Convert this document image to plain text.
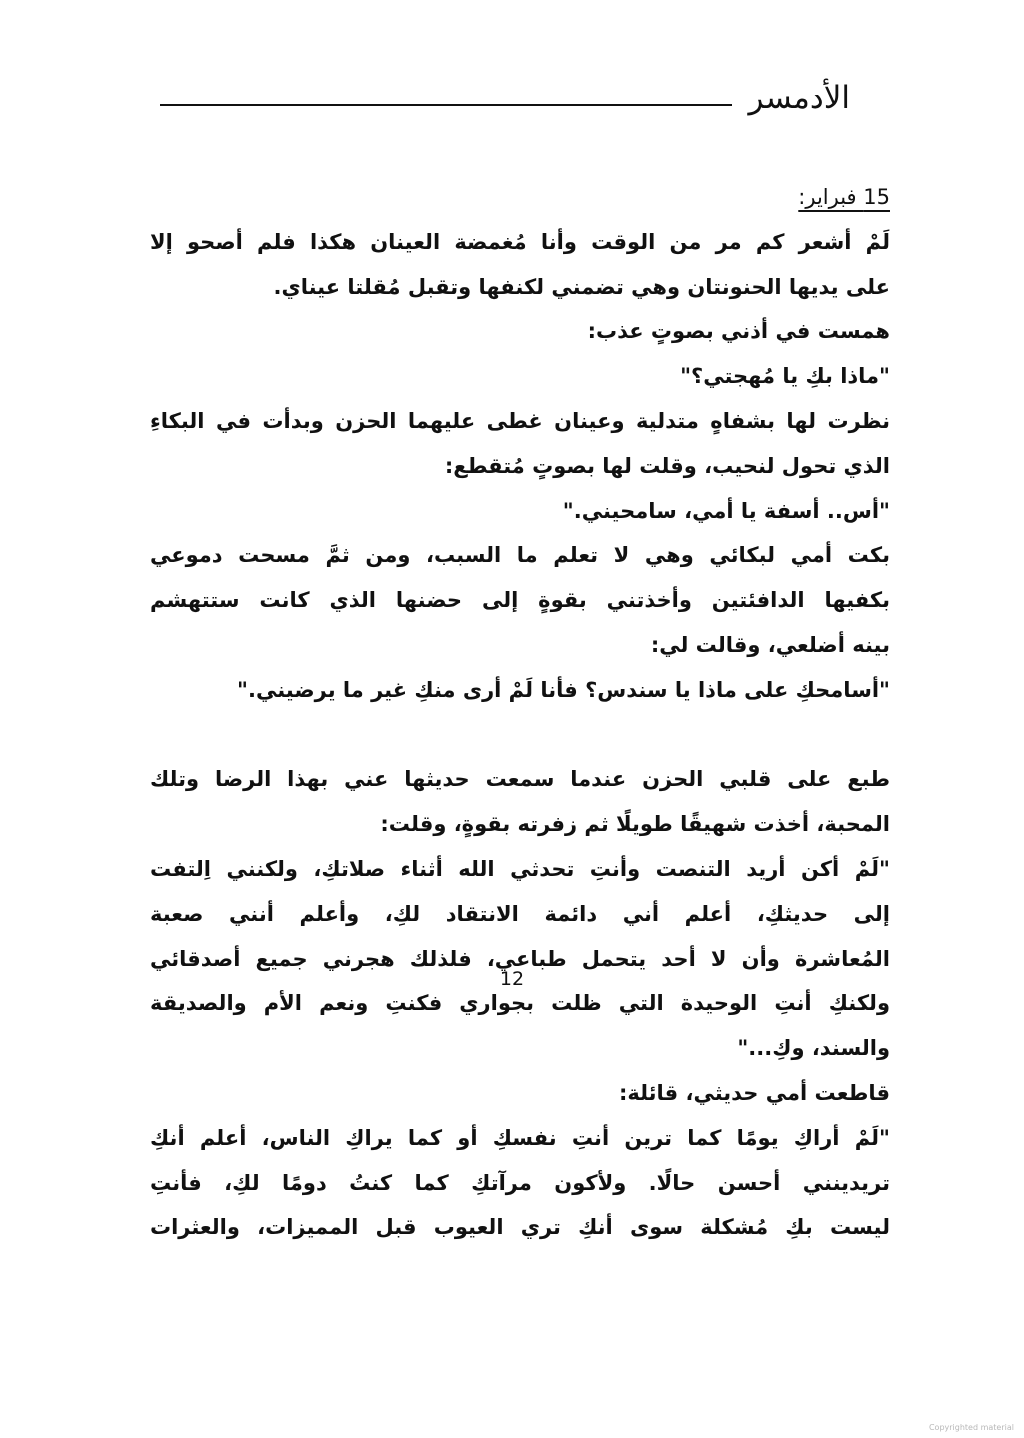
الأدمسر
15 فبراير:
لَمْ أشعر كم مر من الوقت وأنا مُغمضة العينان هكذا فلم أصحو إلا
على يديها الحنونتان وهي تضمني لكنفها وتقبل مُقلتا عيناي.
همست في أذني بصوتٍ عذب:
"ماذا بكِ يا مُهجتي؟"
نظرت لها بشفاهٍ متدلية وعينان غطى عليهما الحزن وبدأت في البكاءِ
الذي تحول لنحيب، وقلت لها بصوتٍ مُتقطع:
"أس.. أسفة يا أمي، سامحيني."
بكت أمي لبكائي وهي لا تعلم ما السبب، ومن ثمَّ مسحت دموعي
بكفيها الدافئتين وأخذتني بقوةٍ إلى حضنها الذي كانت ستتهشم
بينه أضلعي، وقالت لي:
"أسامحكِ على ماذا يا سندس؟ فأنا لَمْ أرى منكِ غير ما يرضيني."
طبع على قلبي الحزن عندما سمعت حديثها عني بهذا الرضا وتلك
المحبة، أخذت شهيقًا طويلًا ثم زفرته بقوةٍ، وقلت:
"لَمْ أكن أريد التنصت وأنتِ تحدثي الله أثناء صلاتكِ، ولكنني اِلتفت
إلى حديثكِ، أعلم أني دائمة الانتقاد لكِ، وأعلم أنني صعبة
المُعاشرة وأن لا أحد يتحمل طباعي، فلذلك هجرني جميع أصدقائي
ولكنكِ أنتِ الوحيدة التي ظلت بجواري فكنتِ ونعم الأم والصديقة
والسند، وكِ..."
قاطعت أمي حديثي، قائلة:
"لَمْ أراكِ يومًا كما ترين أنتِ نفسكِ أو كما يراكِ الناس، أعلم أنكِ
تريدينني أحسن حالًا. ولأكون مرآتكِ كما كنتُ دومًا لكِ، فأنتِ
ليست بكِ مُشكلة سوى أنكِ تري العيوب قبل المميزات، والعثرات
12
Copyrighted material
